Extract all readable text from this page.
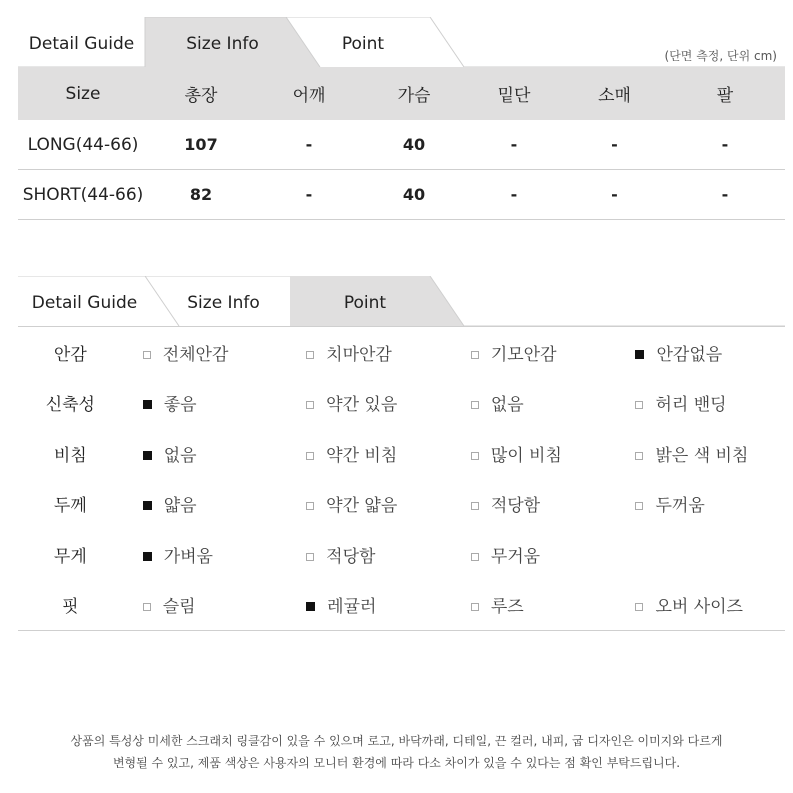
Detail Guide	Size Info	Point
(단면 측정, 단위 cm)
Size	총장	어깨	가슴	밑단	소매	팔
LONG(44-66)	107	-	40	-	-	-
SHORT(44-66)	82	-	40	-	-	-
Detail Guide	Size Info	Point
안감	전체안감	치마안감	기모안감	안감없음
신축성	좋음	약간 있음	없음	허리 밴딩
비침	없음	약간 비침	많이 비침	밝은 색 비침
두께	얇음	약간 얇음	적당함	두꺼움
무게	가벼움	적당함	무거움	
핏	슬림	레귤러	루즈	오버 사이즈
상품의 특성상 미세한 스크래치 링클감이 있을 수 있으며 로고, 바닥까래, 디테일, 끈 컬러, 내피, 굽 디자인은 이미지와 다르게
변형될 수 있고, 제품 색상은 사용자의 모니터 환경에 따라 다소 차이가 있을 수 있다는 점 확인 부탁드립니다.
